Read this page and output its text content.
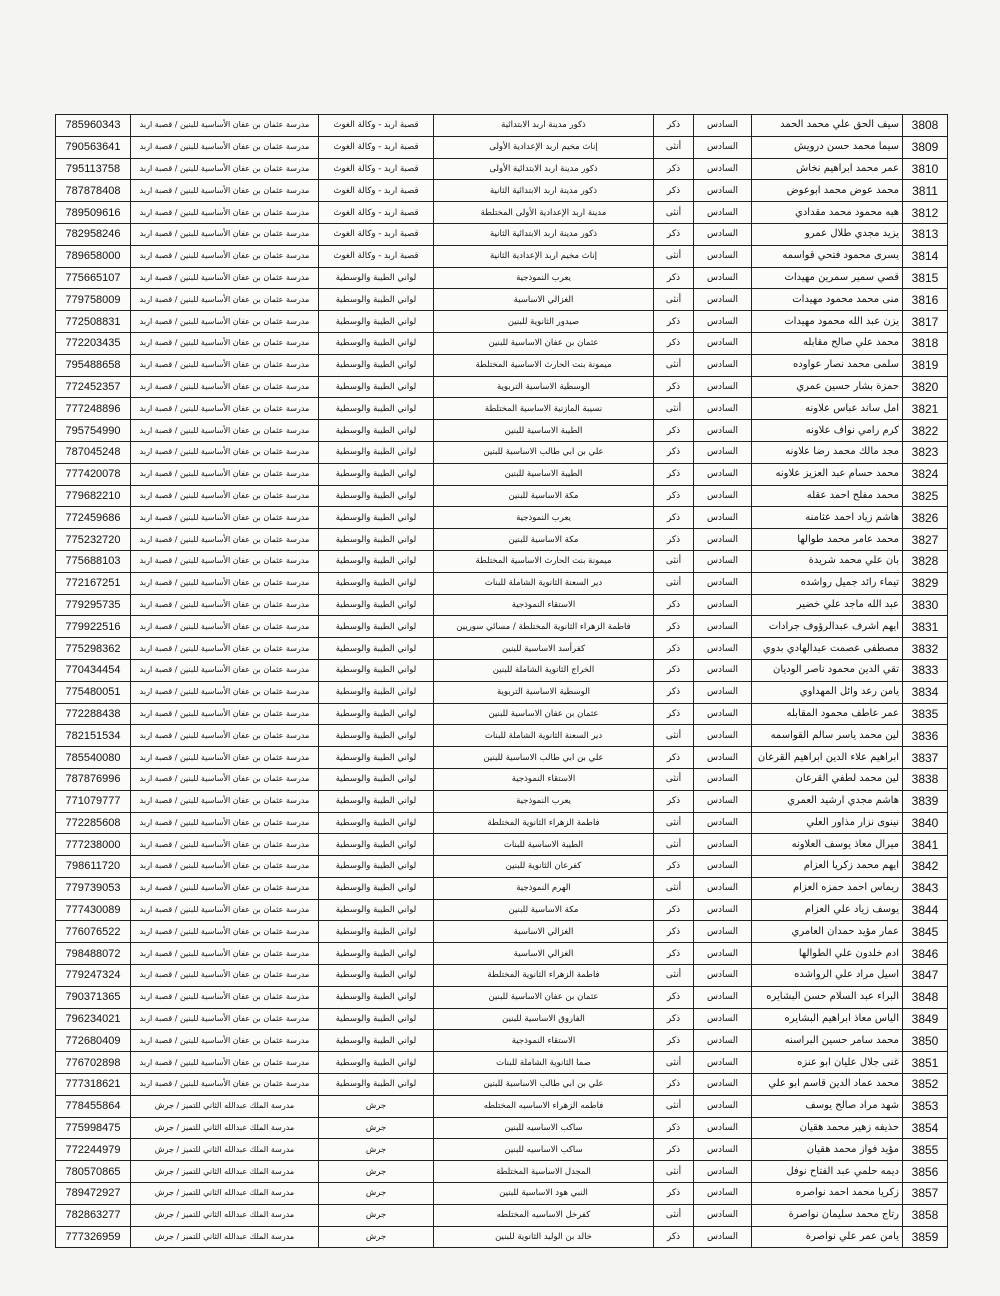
3808	سيف الحق علي محمد الحمد	السادس	ذكر	ذكور مدينة اربد الابتدائية	قصبة اربد - وكالة الغوث	مدرسة عثمان بن عفان الأساسية للبنين / قصبة اربد	785960343
3809	سيما محمد حسن درويش	السادس	أنثى	إناث مخيم اربد الإعدادية الأولى	قصبة اربد - وكالة الغوث	مدرسة عثمان بن عفان الأساسية للبنين / قصبة اربد	790563641
3810	عمر محمد ابراهيم نخاش	السادس	ذكر	ذكور مدينة اربد الابتدائية الأولى	قصبة اربد - وكالة الغوث	مدرسة عثمان بن عفان الأساسية للبنين / قصبة اربد	795113758
3811	محمد عوض محمد ابوعوض	السادس	ذكر	ذكور مدينة اربد الابتدائية الثانية	قصبة اربد - وكالة الغوث	مدرسة عثمان بن عفان الأساسية للبنين / قصبة اربد	787878408
3812	هبه محمود محمد مقدادي	السادس	أنثى	مدينة اربد الإعدادية الأولى المختلطة	قصبة اربد - وكالة الغوث	مدرسة عثمان بن عفان الأساسية للبنين / قصبة اربد	789509616
3813	يزيد مجدي طلال عمرو	السادس	ذكر	ذكور مدينة اربد الابتدائية الثانية	قصبة اربد - وكالة الغوث	مدرسة عثمان بن عفان الأساسية للبنين / قصبة اربد	782958246
3814	يسرى محمود فتحي قواسمه	السادس	أنثى	إناث مخيم اربد الإعدادية الثانية	قصبة اربد - وكالة الغوث	مدرسة عثمان بن عفان الأساسية للبنين / قصبة اربد	789658000
3815	قصي سمير سمرين مهيدات	السادس	ذكر	يعرب النموذجية	لواني الطيبة والوسطية	مدرسة عثمان بن عفان الأساسية للبنين / قصبة اربد	775665107
3816	منى محمد محمود مهيدات	السادس	أنثى	الغزالي الاساسية	لواني الطيبة والوسطية	مدرسة عثمان بن عفان الأساسية للبنين / قصبة اربد	779758009
3817	يزن عبد الله محمود مهيدات	السادس	ذكر	صيدور الثانوية للبنين	لواني الطيبة والوسطية	مدرسة عثمان بن عفان الأساسية للبنين / قصبة اربد	772508831
3818	محمد علي صالح مقابله	السادس	ذكر	عثمان بن عفان الاساسية للبنين	لواني الطيبة والوسطية	مدرسة عثمان بن عفان الأساسية للبنين / قصبة اربد	772203435
3819	سلمى محمد نصار عواوده	السادس	أنثى	ميمونة بنت الحارث الاساسية المختلطة	لواني الطيبة والوسطية	مدرسة عثمان بن عفان الأساسية للبنين / قصبة اربد	795488658
3820	حمزة بشار حسين عمري	السادس	ذكر	الوسطية الاساسية التربوية	لواني الطيبة والوسطية	مدرسة عثمان بن عفان الأساسية للبنين / قصبة اربد	772452357
3821	امل ساند عباس علاونه	السادس	أنثى	نسيبة المازنية الاساسية المختلطة	لواني الطيبة والوسطية	مدرسة عثمان بن عفان الأساسية للبنين / قصبة اربد	777248896
3822	كرم رامي نواف علاونه	السادس	ذكر	الطيبة الاساسية للبنين	لواني الطيبة والوسطية	مدرسة عثمان بن عفان الأساسية للبنين / قصبة اربد	795754990
3823	مجد مالك محمد رضا علاونه	السادس	ذكر	علي بن ابي طالب الاساسية للبنين	لواني الطيبة والوسطية	مدرسة عثمان بن عفان الأساسية للبنين / قصبة اربد	787045248
3824	محمد حسام عبد العزيز علاونه	السادس	ذكر	الطيبة الاساسية للبنين	لواني الطيبة والوسطية	مدرسة عثمان بن عفان الأساسية للبنين / قصبة اربد	777420078
3825	محمد مفلح احمد عقله	السادس	ذكر	مكة الاساسية للبنين	لواني الطيبة والوسطية	مدرسة عثمان بن عفان الأساسية للبنين / قصبة اربد	779682210
3826	هاشم زياد احمد عثامنه	السادس	ذكر	يعرب النموذجية	لواني الطيبة والوسطية	مدرسة عثمان بن عفان الأساسية للبنين / قصبة اربد	772459686
3827	محمد عامر محمد طوالها	السادس	ذكر	مكة الاساسية للبنين	لواني الطيبة والوسطية	مدرسة عثمان بن عفان الأساسية للبنين / قصبة اربد	775232720
3828	بان علي محمد شريدة	السادس	أنثى	ميمونة بنت الحارث الاساسية المختلطة	لواني الطيبة والوسطية	مدرسة عثمان بن عفان الأساسية للبنين / قصبة اربد	775688103
3829	تيماء رائد جميل رواشده	السادس	أنثى	دير السعنة الثانوية الشاملة للبنات	لواني الطيبة والوسطية	مدرسة عثمان بن عفان الأساسية للبنين / قصبة اربد	772167251
3830	عبد الله ماجد علي خضير	السادس	ذكر	الاستقاء النموذجية	لواني الطيبة والوسطية	مدرسة عثمان بن عفان الأساسية للبنين / قصبة اربد	779295735
3831	ايهم اشرف عبدالرؤوف جرادات	السادس	ذكر	فاطمة الزهراء الثانوية المختلطة / مسائي سوريين	لواني الطيبة والوسطية	مدرسة عثمان بن عفان الأساسية للبنين / قصبة اربد	779922516
3832	مصطفى عصمت عبدالهادي بدوي	السادس	ذكر	كفرأسد الاساسية للبنين	لواني الطيبة والوسطية	مدرسة عثمان بن عفان الأساسية للبنين / قصبة اربد	775298362
3833	تقي الدين محمود ناصر الوديان	السادس	ذكر	الخراج الثانوية الشاملة للبنين	لواني الطيبة والوسطية	مدرسة عثمان بن عفان الأساسية للبنين / قصبة اربد	770434454
3834	يامن رعد وائل المهداوي	السادس	ذكر	الوسطية الاساسية التربوية	لواني الطيبة والوسطية	مدرسة عثمان بن عفان الأساسية للبنين / قصبة اربد	775480051
3835	عمر عاطف محمود المقابله	السادس	ذكر	عثمان بن عفان الاساسية للبنين	لواني الطيبة والوسطية	مدرسة عثمان بن عفان الأساسية للبنين / قصبة اربد	772288438
3836	لين محمد ياسر سالم القواسمه	السادس	أنثى	دير السعنة الثانوية الشاملة للبنات	لواني الطيبة والوسطية	مدرسة عثمان بن عفان الأساسية للبنين / قصبة اربد	782151534
3837	ابراهيم علاء الدين ابراهيم القرعان	السادس	ذكر	علي بن ابي طالب الاساسية للبنين	لواني الطيبة والوسطية	مدرسة عثمان بن عفان الأساسية للبنين / قصبة اربد	785540080
3838	لين محمد لطفي القرعان	السادس	أنثى	الاستقاء النموذجية	لواني الطيبة والوسطية	مدرسة عثمان بن عفان الأساسية للبنين / قصبة اربد	787876996
3839	هاشم مجدي ارشيد العمري	السادس	ذكر	يعرب النموذجية	لواني الطيبة والوسطية	مدرسة عثمان بن عفان الأساسية للبنين / قصبة اربد	771079777
3840	نينوى نزار مذاور العلي	السادس	أنثى	فاطمة الزهراء الثانوية المختلطة	لواني الطيبة والوسطية	مدرسة عثمان بن عفان الأساسية للبنين / قصبة اربد	772285608
3841	ميرال معاذ يوسف العلاونه	السادس	أنثى	الطيبة الاساسية للبنات	لواني الطيبة والوسطية	مدرسة عثمان بن عفان الأساسية للبنين / قصبة اربد	777238000
3842	ايهم محمد زكريا العزام	السادس	ذكر	كفرعان الثانوية للبنين	لواني الطيبة والوسطية	مدرسة عثمان بن عفان الأساسية للبنين / قصبة اربد	798611720
3843	ريماس احمد حمزه العزام	السادس	أنثى	الهرم النموذجية	لواني الطيبة والوسطية	مدرسة عثمان بن عفان الأساسية للبنين / قصبة اربد	779739053
3844	يوسف زياد علي العزام	السادس	ذكر	مكة الاساسية للبنين	لواني الطيبة والوسطية	مدرسة عثمان بن عفان الأساسية للبنين / قصبة اربد	777430089
3845	عمار مؤيد حمدان العامري	السادس	ذكر	الغزالي الاساسية	لواني الطيبة والوسطية	مدرسة عثمان بن عفان الأساسية للبنين / قصبة اربد	776076522
3846	ادم خلدون علي الطوالها	السادس	ذكر	الغزالي الاساسية	لواني الطيبة والوسطية	مدرسة عثمان بن عفان الأساسية للبنين / قصبة اربد	798488072
3847	اسيل مراد علي الرواشده	السادس	أنثى	فاطمة الزهراء الثانوية المختلطة	لواني الطيبة والوسطية	مدرسة عثمان بن عفان الأساسية للبنين / قصبة اربد	779247324
3848	البراء عبد السلام حسن البشايره	السادس	ذكر	عثمان بن عفان الاساسية للبنين	لواني الطيبة والوسطية	مدرسة عثمان بن عفان الأساسية للبنين / قصبة اربد	790371365
3849	الياس معاذ ابراهيم البشايره	السادس	ذكر	الفاروق الاساسية للبنين	لواني الطيبة والوسطية	مدرسة عثمان بن عفان الأساسية للبنين / قصبة اربد	796234021
3850	محمد سامر حسين البراسنه	السادس	ذكر	الاستقاء النموذجية	لواني الطيبة والوسطية	مدرسة عثمان بن عفان الأساسية للبنين / قصبة اربد	772680409
3851	غنى جلال عليان ابو عنزه	السادس	أنثى	صما الثانوية الشاملة للبنات	لواني الطيبة والوسطية	مدرسة عثمان بن عفان الأساسية للبنين / قصبة اربد	776702898
3852	محمد عماد الدين قاسم ابو علي	السادس	ذكر	علي بن ابي طالب الاساسية للبنين	لواني الطيبة والوسطية	مدرسة عثمان بن عفان الأساسية للبنين / قصبة اربد	777318621
3853	شهد مراد صالح يوسف	السادس	أنثى	فاطمه الزهراء الاساسيه المختلطه	جرش	مدرسة الملك عبدالله الثاني للتميز / جرش	778455864
3854	حذيفه زهير محمد هقيان	السادس	ذكر	ساكب الاساسيه للبنين	جرش	مدرسة الملك عبدالله الثاني للتميز / جرش	775998475
3855	مؤيد فواز محمد هقيان	السادس	ذكر	ساكب الاساسيه للبنين	جرش	مدرسة الملك عبدالله الثاني للتميز / جرش	772244979
3856	ديمه حلمي عبد الفتاح نوفل	السادس	أنثى	المجدل الاساسية المختلطة	جرش	مدرسة الملك عبدالله الثاني للتميز / جرش	780570865
3857	زكريا محمد احمد نواصره	السادس	ذكر	النبي هود الاساسية للبنين	جرش	مدرسة الملك عبدالله الثاني للتميز / جرش	789472927
3858	رتاج محمد سليمان نواصرة	السادس	أنثى	كفرخل الاساسيه المختلطه	جرش	مدرسة الملك عبدالله الثاني للتميز / جرش	782863277
3859	يامن عمر علي نواصرة	السادس	ذكر	خالد بن الوليد الثانوية للبنين	جرش	مدرسة الملك عبدالله الثاني للتميز / جرش	777326959
